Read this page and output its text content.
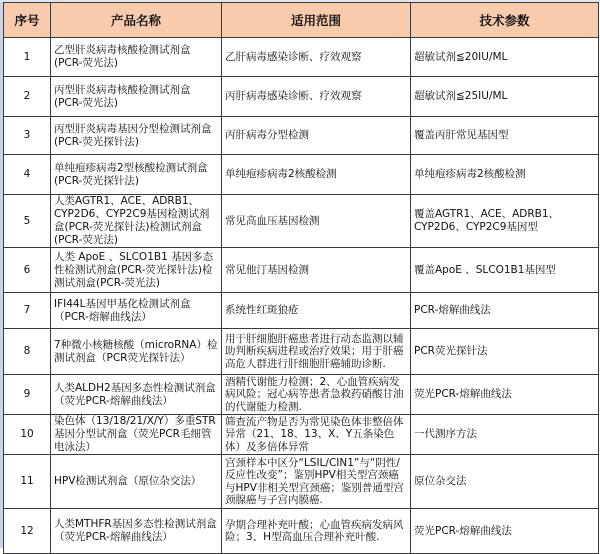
序号	产品名称	适用范围	技术参数
1	乙型肝炎病毒核酸检测试剂盒(PCR-荧光法)	乙肝病毒感染诊断、疗效观察	超敏试剂≦20IU/ML
2	丙型肝炎病毒核酸检测试剂盒(PCR-荧光法)	丙肝病毒感染诊断、疗效观察	超敏试剂≦25IU/ML
3	丙型肝炎病毒基因分型检测试剂盒(PCR-荧光探针法)	丙肝病毒分型检测	覆盖丙肝常见基因型
4	单纯疱疹病毒2型核酸检测试剂盒(PCR-荧光探针法)	单纯疱疹病毒2核酸检测	单纯疱疹病毒2核酸检测
5	人类AGTR1、ACE、ADRB1、CYP2D6、CYP2C9基因检测试剂盒(PCR-荧光探针法)检测试剂盒(PCR-荧光法)	常见高血压基因检测	覆盖AGTR1、ACE、ADRB1、CYP2D6、CYP2C9基因型
6	人类 ApoE 、SLCO1B1 基因多态性检测试剂盒(PCR-荧光探针法)检测试剂盒(PCR-荧光法)	常见他汀基因检测	覆盖ApoE 、SLCO1B1基因型
7	IFI44L基因甲基化检测试剂盒（PCR-熔解曲线法）	系统性红斑狼疮	PCR-熔解曲线法
8	7种微小核糖核酸（microRNA）检测试剂盒（PCR荧光探针法）	用于肝细胞肝癌患者进行动态监测以辅助判断疾病进程或治疗效果；用于肝癌高危人群进行肝细胞肝癌辅助诊断.	PCR荧光探针法
9	人类ALDH2基因多态性检测试剂盒（荧光PCR-熔解曲线法）	酒精代谢能力检测；2、心血管疾病发病风险；冠心病等患者急救药硝酸甘油的代谢能力检测.	荧光PCR-熔解曲线法
10	染色体（13/18/21/X/Y）多重STR基因分型试剂盒（荧光PCR毛细管电泳法）	筛查流产物是否为常见染色体非整倍体异常（21、18、13、X、Y五条染色体）及多倍体异常	一代测序方法
11	HPV检测试剂盒（原位杂交法）	宫颈样本中区分“LSIL/CIN1”与“阴性/反应性改变”；鉴别HPV相关型宫颈癌与HPV非相关型宫颈癌；鉴别普通型宫颈腺癌与子宫内膜癌.	原位杂交法
12	人类MTHFR基因多态性检测试剂盒（荧光PCR-熔解曲线法）	孕期合理补充叶酸；心血管疾病发病风险；3、H型高血压合理补充叶酸.	荧光PCR-熔解曲线法
